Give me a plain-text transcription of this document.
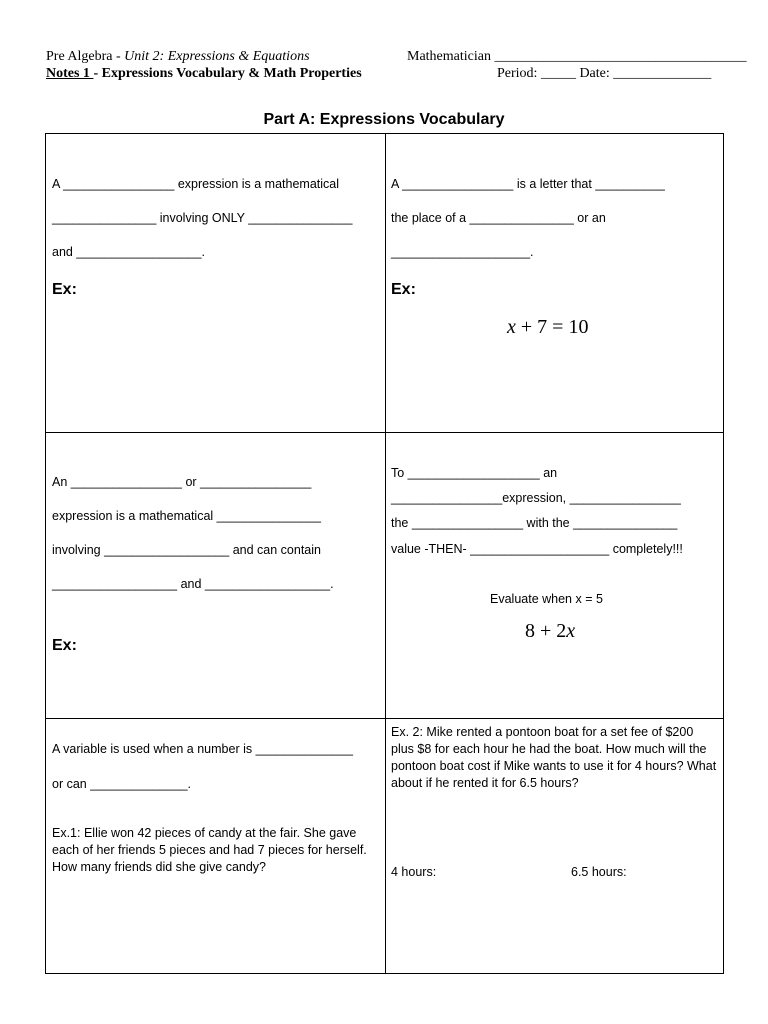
Pre Algebra - Unit 2: Expressions & Equations	Mathematician ____________________________________
Notes 1 - Expressions Vocabulary & Math Properties	Period: _____ Date: ______________
Part A: Expressions Vocabulary
A ________________ expression is a mathematical
_______________ involving ONLY _______________
and __________________.
Ex:
A ________________ is a letter that __________
the place of a _______________ or an
____________________.
Ex:
x + 7 = 10
An ________________ or ________________
expression is a mathematical _______________
involving __________________ and can contain
__________________ and __________________.
Ex:
To ___________________ an
________________expression, ________________
the ________________ with the _______________
value -THEN- ____________________ completely!!!
Evaluate when x = 5
8 + 2x
A variable is used when a number is ______________
or can ______________.
Ex.1: Ellie won 42 pieces of candy at the fair. She gave each of her friends 5 pieces and had 7 pieces for herself. How many friends did she give candy?
Ex. 2: Mike rented a pontoon boat for a set fee of $200 plus $8 for each hour he had the boat. How much will the pontoon boat cost if Mike wants to use it for 4 hours? What about if he rented it for 6.5 hours?
4 hours:	6.5 hours:
